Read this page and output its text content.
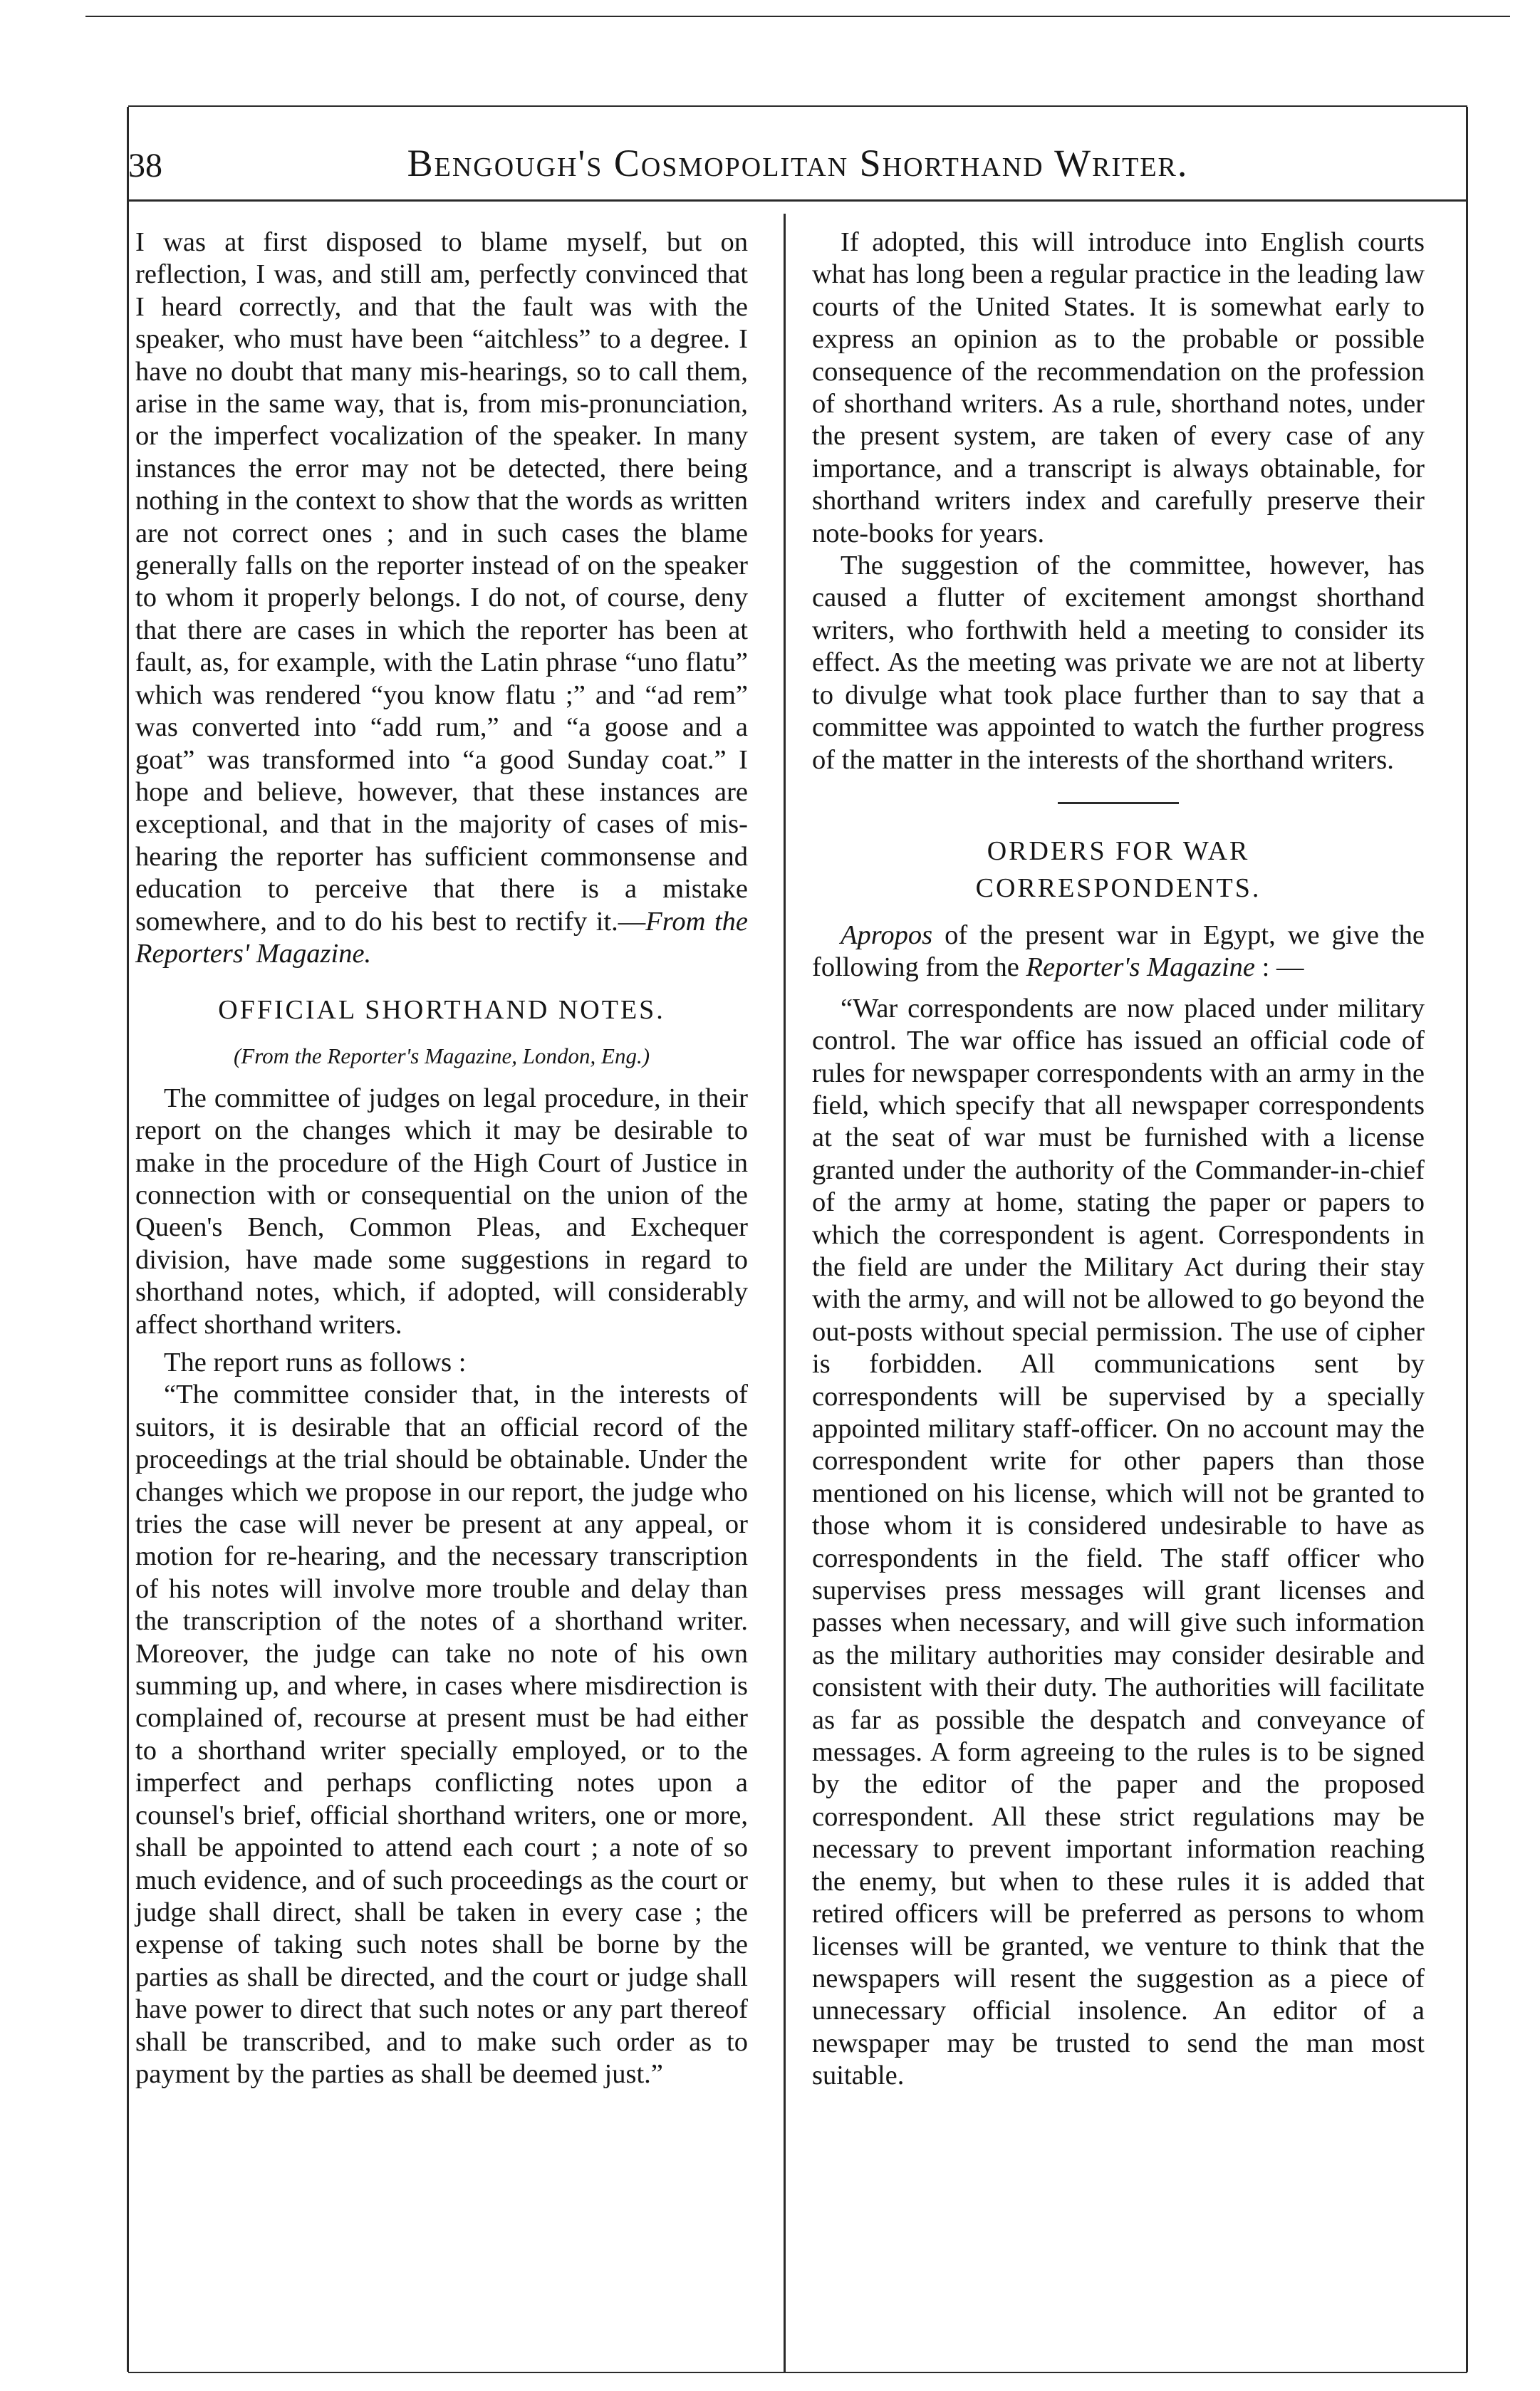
38	Bengough's Cosmopolitan Shorthand Writer.

I was at first disposed to blame myself, but on reflection, I was, and still am, perfectly convinced that I heard correctly, and that the fault was with the speaker, who must have been “aitchless” to a degree. I have no doubt that many mis-hearings, so to call them, arise in the same way, that is, from mis-pronunciation, or the imperfect vocalization of the speaker. In many instances the error may not be detected, there being nothing in the context to show that the words as written are not correct ones ; and in such cases the blame generally falls on the reporter instead of on the speaker to whom it properly belongs. I do not, of course, deny that there are cases in which the reporter has been at fault, as, for example, with the Latin phrase “uno flatu” which was rendered “you know flatu ;” and “ad rem” was converted into “add rum,” and “a goose and a goat” was transformed into “a good Sunday coat.” I hope and believe, however, that these instances are exceptional, and that in the majority of cases of mis-hearing the reporter has sufficient commonsense and education to perceive that there is a mistake somewhere, and to do his best to rectify it.—From the Reporters' Magazine.

OFFICIAL SHORTHAND NOTES.
(From the Reporter's Magazine, London, Eng.)

The committee of judges on legal procedure, in their report on the changes which it may be desirable to make in the procedure of the High Court of Justice in connection with or consequential on the union of the Queen's Bench, Common Pleas, and Exchequer division, have made some suggestions in regard to shorthand notes, which, if adopted, will considerably affect shorthand writers.

The report runs as follows :

“The committee consider that, in the interests of suitors, it is desirable that an official record of the proceedings at the trial should be obtainable. Under the changes which we propose in our report, the judge who tries the case will never be present at any appeal, or motion for re-hearing, and the necessary transcription of his notes will involve more trouble and delay than the transcription of the notes of a shorthand writer. Moreover, the judge can take no note of his own summing up, and where, in cases where misdirection is complained of, recourse at present must be had either to a shorthand writer specially employed, or to the imperfect and perhaps conflicting notes upon a counsel's brief, official shorthand writers, one or more, shall be appointed to attend each court ; a note of so much evidence, and of such proceedings as the court or judge shall direct, shall be taken in every case ; the expense of taking such notes shall be borne by the parties as shall be directed, and the court or judge shall have power to direct that such notes or any part thereof shall be transcribed, and to make such order as to payment by the parties as shall be deemed just.”

If adopted, this will introduce into English courts what has long been a regular practice in the leading law courts of the United States. It is somewhat early to express an opinion as to the probable or possible consequence of the recommendation on the profession of shorthand writers. As a rule, shorthand notes, under the present system, are taken of every case of any importance, and a transcript is always obtainable, for shorthand writers index and carefully preserve their note-books for years.

The suggestion of the committee, however, has caused a flutter of excitement amongst shorthand writers, who forthwith held a meeting to consider its effect. As the meeting was private we are not at liberty to divulge what took place further than to say that a committee was appointed to watch the further progress of the matter in the interests of the shorthand writers.

ORDERS FOR WAR CORRESPONDENTS.

Apropos of the present war in Egypt, we give the following from the Reporter's Magazine : —

“War correspondents are now placed under military control. The war office has issued an official code of rules for newspaper correspondents with an army in the field, which specify that all newspaper correspondents at the seat of war must be furnished with a license granted under the authority of the Commander-in-chief of the army at home, stating the paper or papers to which the correspondent is agent. Correspondents in the field are under the Military Act during their stay with the army, and will not be allowed to go beyond the out-posts without special permission. The use of cipher is forbidden. All communications sent by correspondents will be supervised by a specially appointed military staff-officer. On no account may the correspondent write for other papers than those mentioned on his license, which will not be granted to those whom it is considered undesirable to have as correspondents in the field. The staff officer who supervises press messages will grant licenses and passes when necessary, and will give such information as the military authorities may consider desirable and consistent with their duty. The authorities will facilitate as far as possible the despatch and conveyance of messages. A form agreeing to the rules is to be signed by the editor of the paper and the proposed correspondent. All these strict regulations may be necessary to prevent important information reaching the enemy, but when to these rules it is added that retired officers will be preferred as persons to whom licenses will be granted, we venture to think that the newspapers will resent the suggestion as a piece of unnecessary official insolence. An editor of a newspaper may be trusted to send the man most suitable.
